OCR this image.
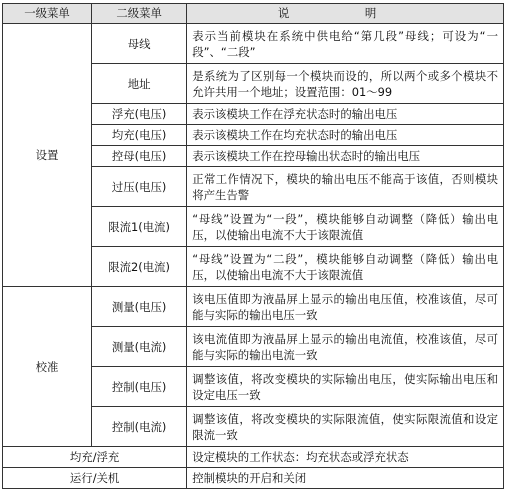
一级菜单	二级菜单	说 明
设置	母线	表示当前模块在系统中供电给“第几段”母线；可设为“一段”、“二段”
	地址	是系统为了区别每一个模块而设的，所以两个或多个模块不允许共用一个地址；设置范围：01～99
	浮充(电压)	表示该模块工作在浮充状态时的输出电压
	均充(电压)	表示该模块工作在均充状态时的输出电压
	控母(电压)	表示该模块工作在控母输出状态时的输出电压
	过压(电压)	正常工作情况下，模块的输出电压不能高于该值，否则模块将产生告警
	限流1(电流)	“母线”设置为“一段”，模块能够自动调整（降低）输出电压，以使输出电流不大于该限流值
	限流2(电流)	“母线”设置为“二段”，模块能够自动调整（降低）输出电压，以使输出电流不大于该限流值
校准	测量(电压)	该电压值即为液晶屏上显示的输出电压值，校准该值，尽可能与实际的输出电压一致
	测量(电流)	该电流值即为液晶屏上显示的输出电流值，校准该值，尽可能与实际的输出电流一致
	控制(电压)	调整该值，将改变模块的实际输出电压，使实际输出电压和设定电压一致
	控制(电流)	调整该值，将改变模块的实际限流值，使实际限流值和设定限流一致
均充/浮充		设定模块的工作状态：均充状态或浮充状态
运行/关机		控制模块的开启和关闭
